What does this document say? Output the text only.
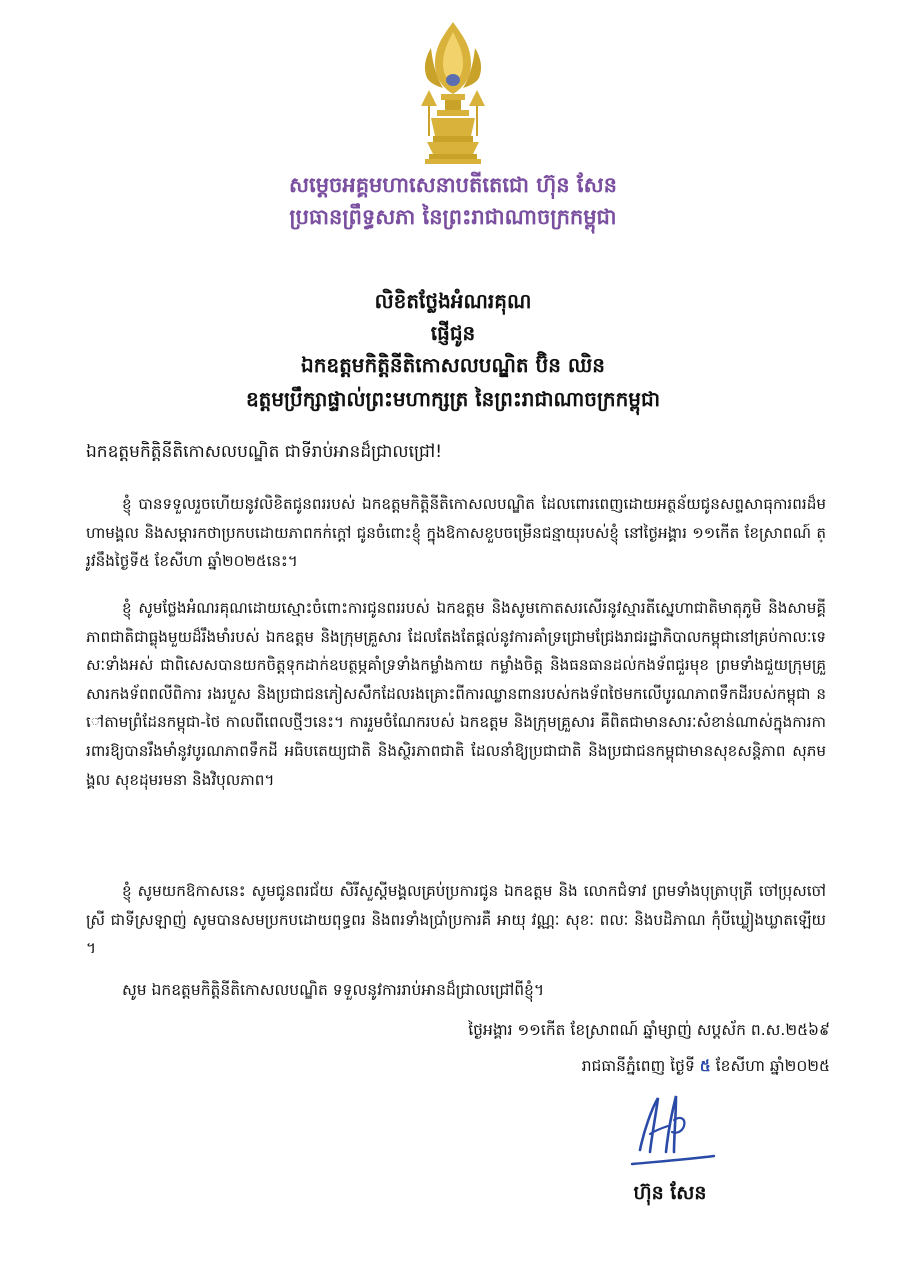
សម្ដេចអគ្គមហាសេនាបតីតេជោ ហ៊ុន សែន
ប្រធានព្រឹទ្ធសភា នៃព្រះរាជាណាចក្រកម្ពុជា
លិខិតថ្លែងអំណរគុណ
ផ្ញើជូន
ឯកឧត្តមកិត្តិនីតិកោសលបណ្ឌិត ប៊ិន ឈិន
ឧត្តមប្រឹក្សាផ្ទាល់ព្រះមហាក្សត្រ នៃព្រះរាជាណាចក្រកម្ពុជា
ឯកឧត្តមកិត្តិនីតិកោសលបណ្ឌិត ជាទីរាប់អានដ៏ជ្រាលជ្រៅ!
ខ្ញុំ បានទទួលរួចហើយនូវលិខិតជូនពររបស់ ឯកឧត្តមកិត្តិនីតិកោសលបណ្ឌិត ដែលពោរពេញដោយអត្ថន័យជូនសព្ទសាធុការពរដ៏មហាមង្គល និងសម្ដារកថាប្រកបដោយភាពកក់ក្ដៅ ជូនចំពោះខ្ញុំ ក្នុងឱកាសខួបចម្រើនជន្មាយុរបស់ខ្ញុំ នៅថ្ងៃអង្គារ ១១កើត ខែស្រាពណ៍ ត្រូវនឹងថ្ងៃទី៥ ខែសីហា ឆ្នាំ២០២៥នេះ។
ខ្ញុំ សូមថ្លែងអំណរគុណដោយស្មោះចំពោះការជូនពររបស់ ឯកឧត្តម និងសូមកោតសរសើរនូវស្មារតីស្នេហាជាតិមាតុភូមិ និងសាមគ្គីភាពជាតិជាធ្លុងមួយដ៏រឹងមាំរបស់ ឯកឧត្តម និងក្រុមគ្រួសារ ដែលតែងតែផ្ដល់នូវការគាំទ្រជ្រោមជ្រែងរាជរដ្ឋាភិបាលកម្ពុជានៅគ្រប់កាលៈទេសៈទាំងអស់ ជាពិសេសបានយកចិត្តទុកដាក់ឧបត្ថម្ភគាំទ្រទាំងកម្លាំងកាយ កម្លាំងចិត្ត និងធនធានដល់កងទ័ពជួរមុខ ព្រមទាំងជួយក្រុមគ្រួសារកងទ័ពពលីពិការ រងរបួស និងប្រជាជនភៀសសឹកដែលរងគ្រោះពីការឈ្លានពានរបស់កងទ័ពថៃមកលើបូរណភាពទឹកដីរបស់កម្ពុជា នៅតាមព្រំដែនកម្ពុជា-ថៃ កាលពីពេលថ្មីៗនេះ។ ការរួមចំណែករបស់ ឯកឧត្តម និងក្រុមគ្រួសារ គឺពិតជាមានសារៈសំខាន់ណាស់ក្នុងការការពារឱ្យបានរឹងមាំនូវបូរណភាពទឹកដី អធិបតេយ្យជាតិ និងស្ថិរភាពជាតិ ដែលនាំឱ្យប្រជាជាតិ និងប្រជាជនកម្ពុជាមានសុខសន្តិភាព សុភមង្គល សុខដុមរមនា និងវិបុលភាព។
ខ្ញុំ សូមយកឱកាសនេះ សូមជូនពរជ័យ សិរីសួស្តីមង្គលគ្រប់ប្រការជូន ឯកឧត្តម និង លោកជំទាវ ព្រមទាំងបុត្រាបុត្រី ចៅប្រុសចៅស្រី ជាទីស្រឡាញ់ សូមបានសមប្រកបដោយពុទ្ធពរ និងពរទាំងប្រាំប្រការគឺ អាយុ វណ្ណៈ សុខៈ ពលៈ និងបដិភាណ កុំបីឃ្លៀងឃ្លាតឡើយ។
សូម ឯកឧត្តមកិត្តិនីតិកោសលបណ្ឌិត ទទួលនូវការរាប់អានដ៏ជ្រាលជ្រៅពីខ្ញុំ។
ថ្ងៃអង្គារ ១១កើត ខែស្រាពណ៍ ឆ្នាំម្សាញ់ សប្តស័ក ព.ស.២៥៦៩
រាជធានីភ្នំពេញ ថ្ងៃទី ៥ ខែសីហា ឆ្នាំ២០២៥
ហ៊ុន សែន
